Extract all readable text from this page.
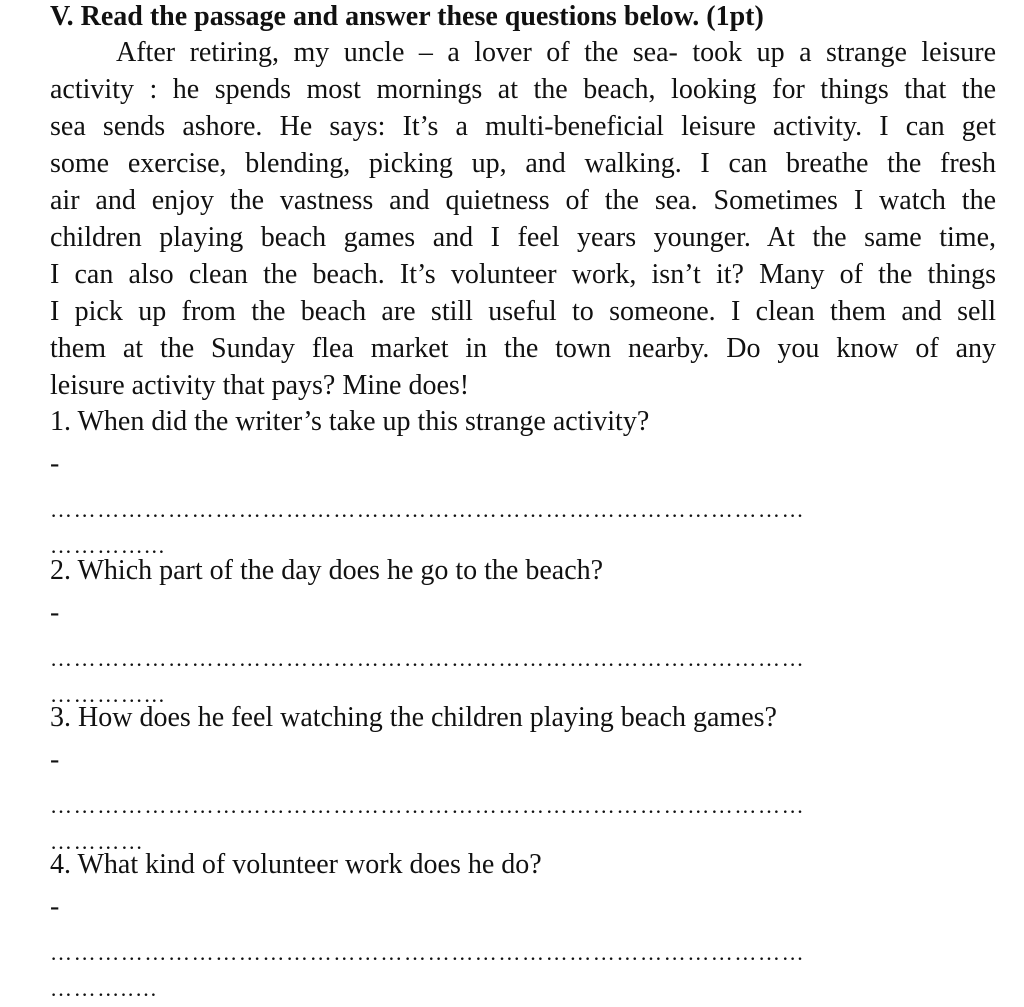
V. Read the passage and answer these questions below. (1pt)
After retiring, my uncle – a lover of the sea- took up a strange leisure
activity : he spends most mornings at the beach, looking for things that the
sea sends ashore. He says: It’s a multi-beneficial leisure activity. I can get
some exercise, blending, picking up, and walking. I can breathe the fresh
air and enjoy the vastness and quietness of the sea. Sometimes I watch the
children playing beach games and I feel years younger. At the same time,
I can also clean the beach. It’s volunteer work, isn’t it? Many of the things
I pick up from the beach are still useful to someone. I clean them and sell
them at the Sunday flea market in the town nearby. Do you know of any
leisure activity that pays? Mine does!
1. When did the writer’s take up this strange activity?
-
……………………………………………………………………………………
…………...
2. Which part of the day does he go to the beach?
-
……………………………………………………………………………………
…………...
3. How does he feel watching the children playing beach games?
-
……………………………………………………………………………………
…………
4. What kind of volunteer work does he do?
-
……………………………………………………………………………………
………..…
